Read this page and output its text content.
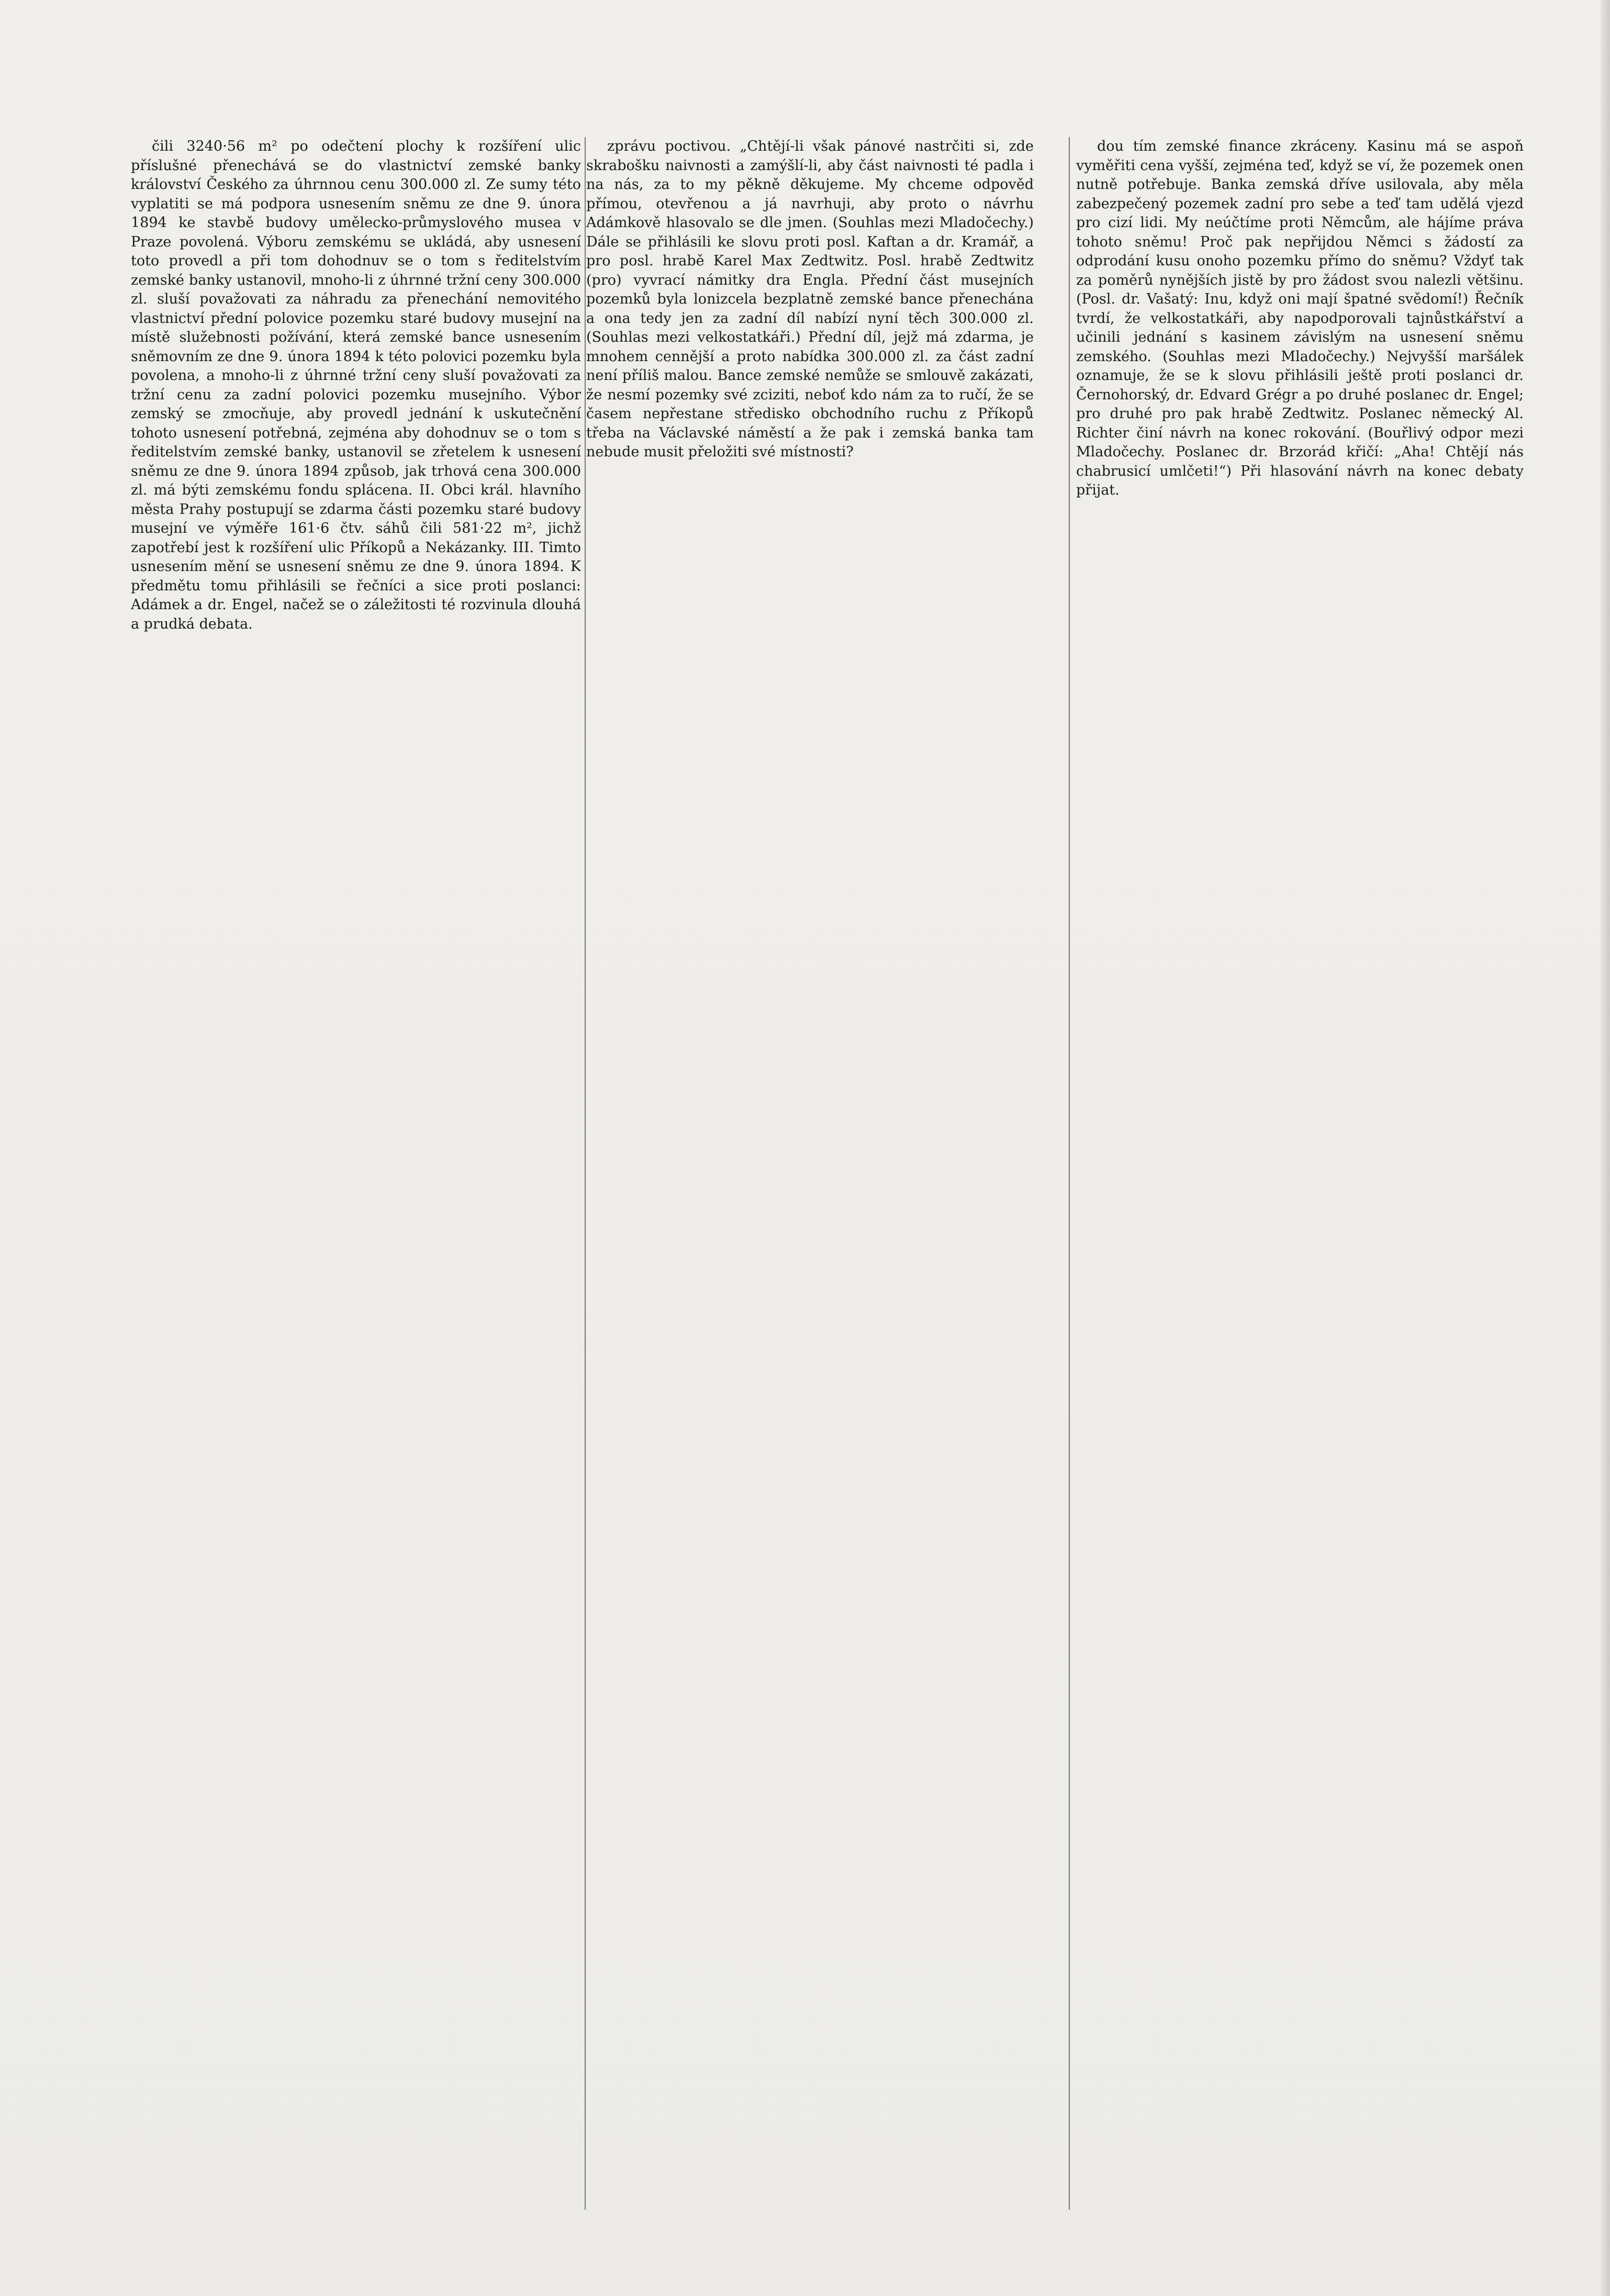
čili 3240·56 m² po odečtení plochy k rozšíření ulic příslušné přenechává se do vlastnictví zemské banky království Českého za úhrnnou cenu 300.000 zl. Ze sumy této vyplatiti se má podpora usnesením sněmu ze dne 9. února 1894 ke stavbě budovy umělecko-průmyslového musea v Praze povolená. Výboru zemskému se ukládá, aby usnesení toto provedl a při tom dohodnuv se o tom s ředitelstvím zemské banky ustanovil, mnoho-li z úhrnné tržní ceny 300.000 zl. sluší považovati za náhradu za přenechání nemovitého vlastnictví přední polovice pozemku staré budovy musejní na místě služebnosti požívání, která zemské bance usnesením sněmovním ze dne 9. února 1894 k této polovici pozemku byla povolena, a mnoho-li z úhrnné tržní ceny sluší považovati za tržní cenu za zadní polovici pozemku musejního. Výbor zemský se zmocňuje, aby provedl jednání k uskutečnění tohoto usnesení potřebná, zejména aby dohodnuv se o tom s ředitelstvím zemské banky, ustanovil se zřetelem k usnesení sněmu ze dne 9. února 1894 způsob, jak trhová cena 300.000 zl. má býti zemskému fondu splácena. II. Obci král. hlavního města Prahy postupují se zdarma části pozemku staré budovy musejní ve výměře 161·6 čtv. sáhů čili 581·22 m², jichž zapotřebí jest k rozšíření ulic Příkopů a Nekázanky. III. Timto usnesením mění se usnesení sněmu ze dne 9. února 1894. K předmětu tomu přihlásili se řečníci a sice proti poslanci: Adámek a dr. Engel, načež se o záležitosti té rozvinula dlouhá a prudká debata.

zprávu poctivou. „Chtějí-li však pánové nastrčiti si, zde skrabošku naivnosti a zamýšlí-li, aby část naivnosti té padla i na nás, za to my pěkně děkujeme. My chceme odpověď přímou, otevřenou a já navrhuji, aby proto o návrhu Adámkově hlasovalo se dle jmen. (Souhlas mezi Mladočechy.) Dále se přihlásili ke slovu proti posl. Kaftan a dr. Kramář, a pro posl. hrabě Karel Max Zedtwitz. Posl. hrabě Zedtwitz (pro) vyvrací námitky dra Engla. Přední část musejních pozemků byla lonizcela bezplatně zemské bance přenechána a ona tedy jen za zadní díl nabízí nyní těch 300.000 zl. (Souhlas mezi velkostatkáři.) Přední díl, jejž má zdarma, je mnohem cennější a proto nabídka 300.000 zl. za část zadní není příliš malou. Bance zemské nemůže se smlouvě zakázati, že nesmí pozemky své zciziti, neboť kdo nám za to ručí, že se časem nepřestane středisko obchodního ruchu z Příkopů třeba na Václavské náměstí a že pak i zemská banka tam nebude musit přeložiti své místnosti?

dou tím zemské finance zkráceny. Kasinu má se aspoň vyměřiti cena vyšší, zejména teď, když se ví, že pozemek onen nutně potřebuje. Banka zemská dříve usilovala, aby měla zabezpečený pozemek zadní pro sebe a teď tam udělá vjezd pro cizí lidi. My neúčtíme proti Němcům, ale hájíme práva tohoto sněmu! Proč pak nepřijdou Němci s žádostí za odprodání kusu onoho pozemku přímo do sněmu? Vždyť tak za poměrů nynějších jistě by pro žádost svou nalezli většinu. (Posl. dr. Vašatý: Inu, když oni mají špatné svědomí!) Řečník tvrdí, že velkostatkáři, aby napodporovali tajnůstkářství a učinili jednání s kasinem závislým na usnesení sněmu zemského. (Souhlas mezi Mladočechy.) Nejvyšší maršálek oznamuje, že se k slovu přihlásili ještě proti poslanci dr. Černohorský, dr. Edvard Grégr a po druhé poslanec dr. Engel; pro druhé pro pak hrabě Zedtwitz. Poslanec německý Al. Richter činí návrh na konec rokování. (Bouřlivý odpor mezi Mladočechy. Poslanec dr. Brzorád křičí: „Aha! Chtějí nás chabrusicí umlčeti!“) Při hlasování návrh na konec debaty přijat.
